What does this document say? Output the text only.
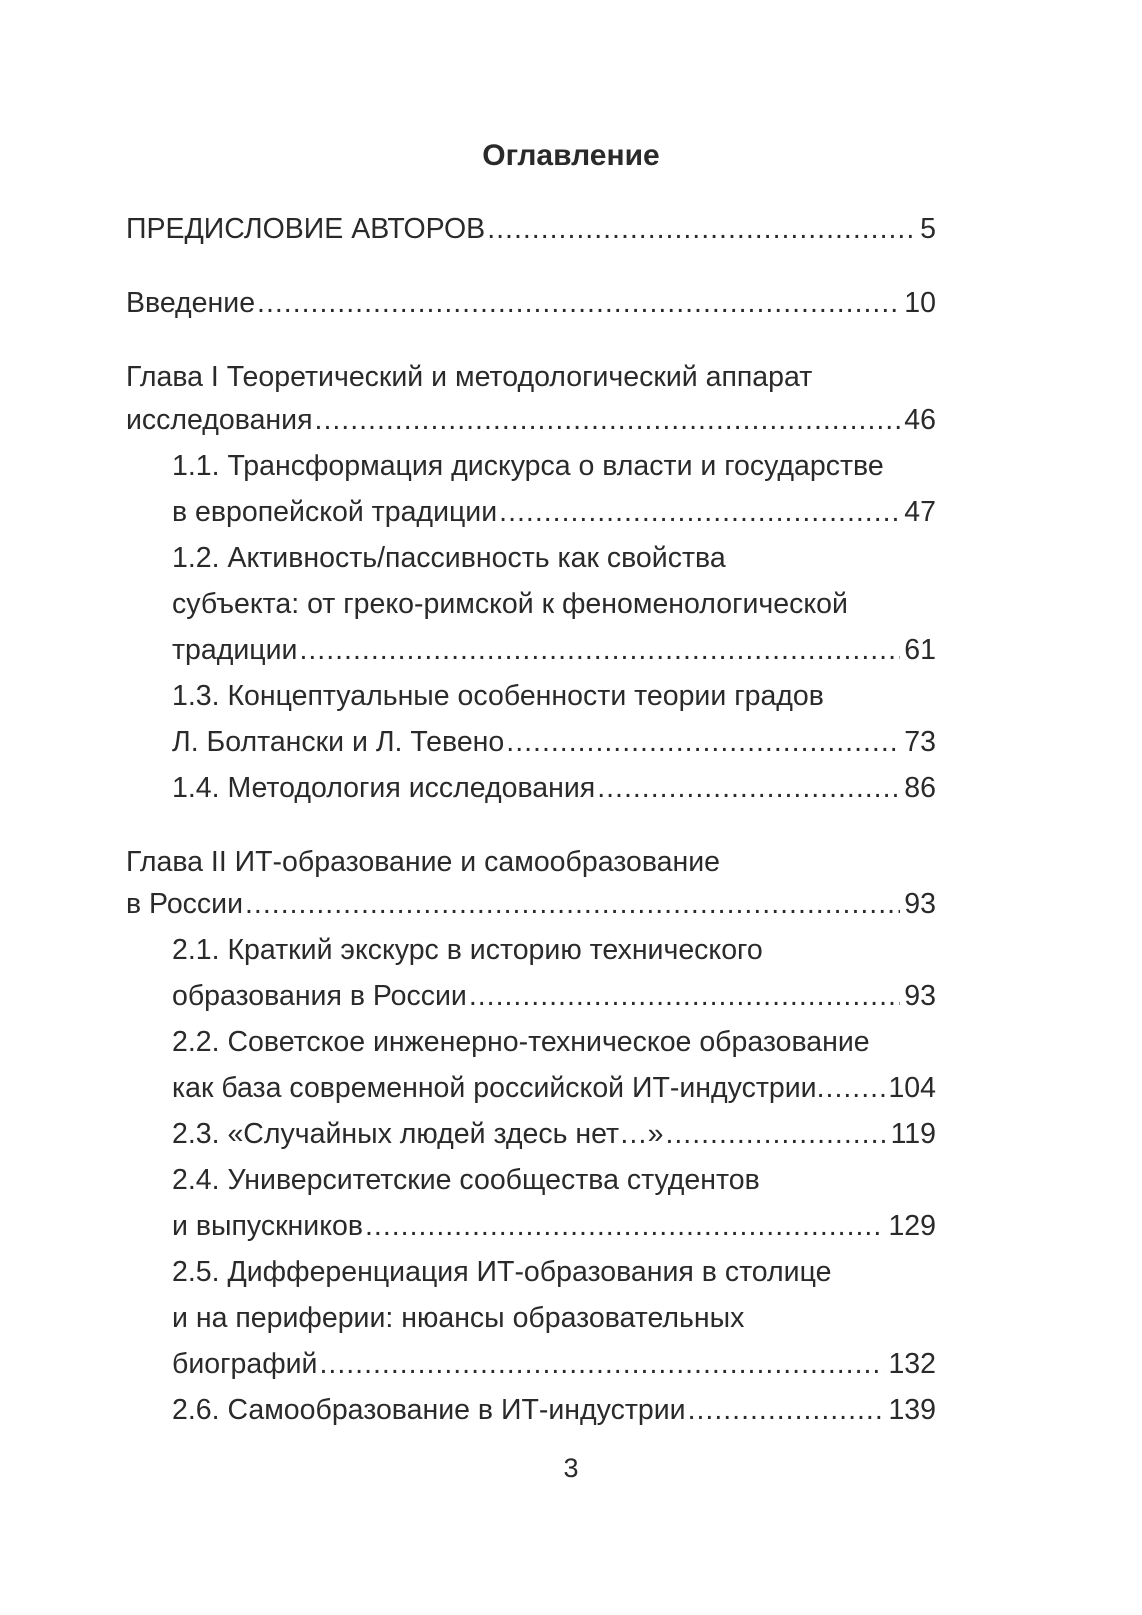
Оглавление
ПРЕДИСЛОВИЕ АВТОРОВ .....	5
Введение .....	10
Глава I Теоретический и методологический аппарат
исследования .....	46
1.1. Трансформация дискурса о власти и государстве
в европейской традиции .....	47
1.2. Активность/пассивность как свойства
субъекта: от греко-римской к феноменологической
традиции .....	61
1.3. Концептуальные особенности теории градов
Л. Болтански и Л. Тевено .....	73
1.4. Методология исследования .....	86
Глава II ИТ-образование и самообразование
в России .....	93
2.1. Краткий экскурс в историю технического
образования в России .....	93
2.2. Советское инженерно-техническое образование
как база современной российской ИТ-индустрии .....	104
2.3. «Случайных людей здесь нет…» .....	119
2.4. Университетские сообщества студентов
и выпускников .....	129
2.5. Дифференциация ИТ-образования в столице
и на периферии: нюансы образовательных
биографий .....	132
2.6. Самообразование в ИТ-индустрии .....	139
3
